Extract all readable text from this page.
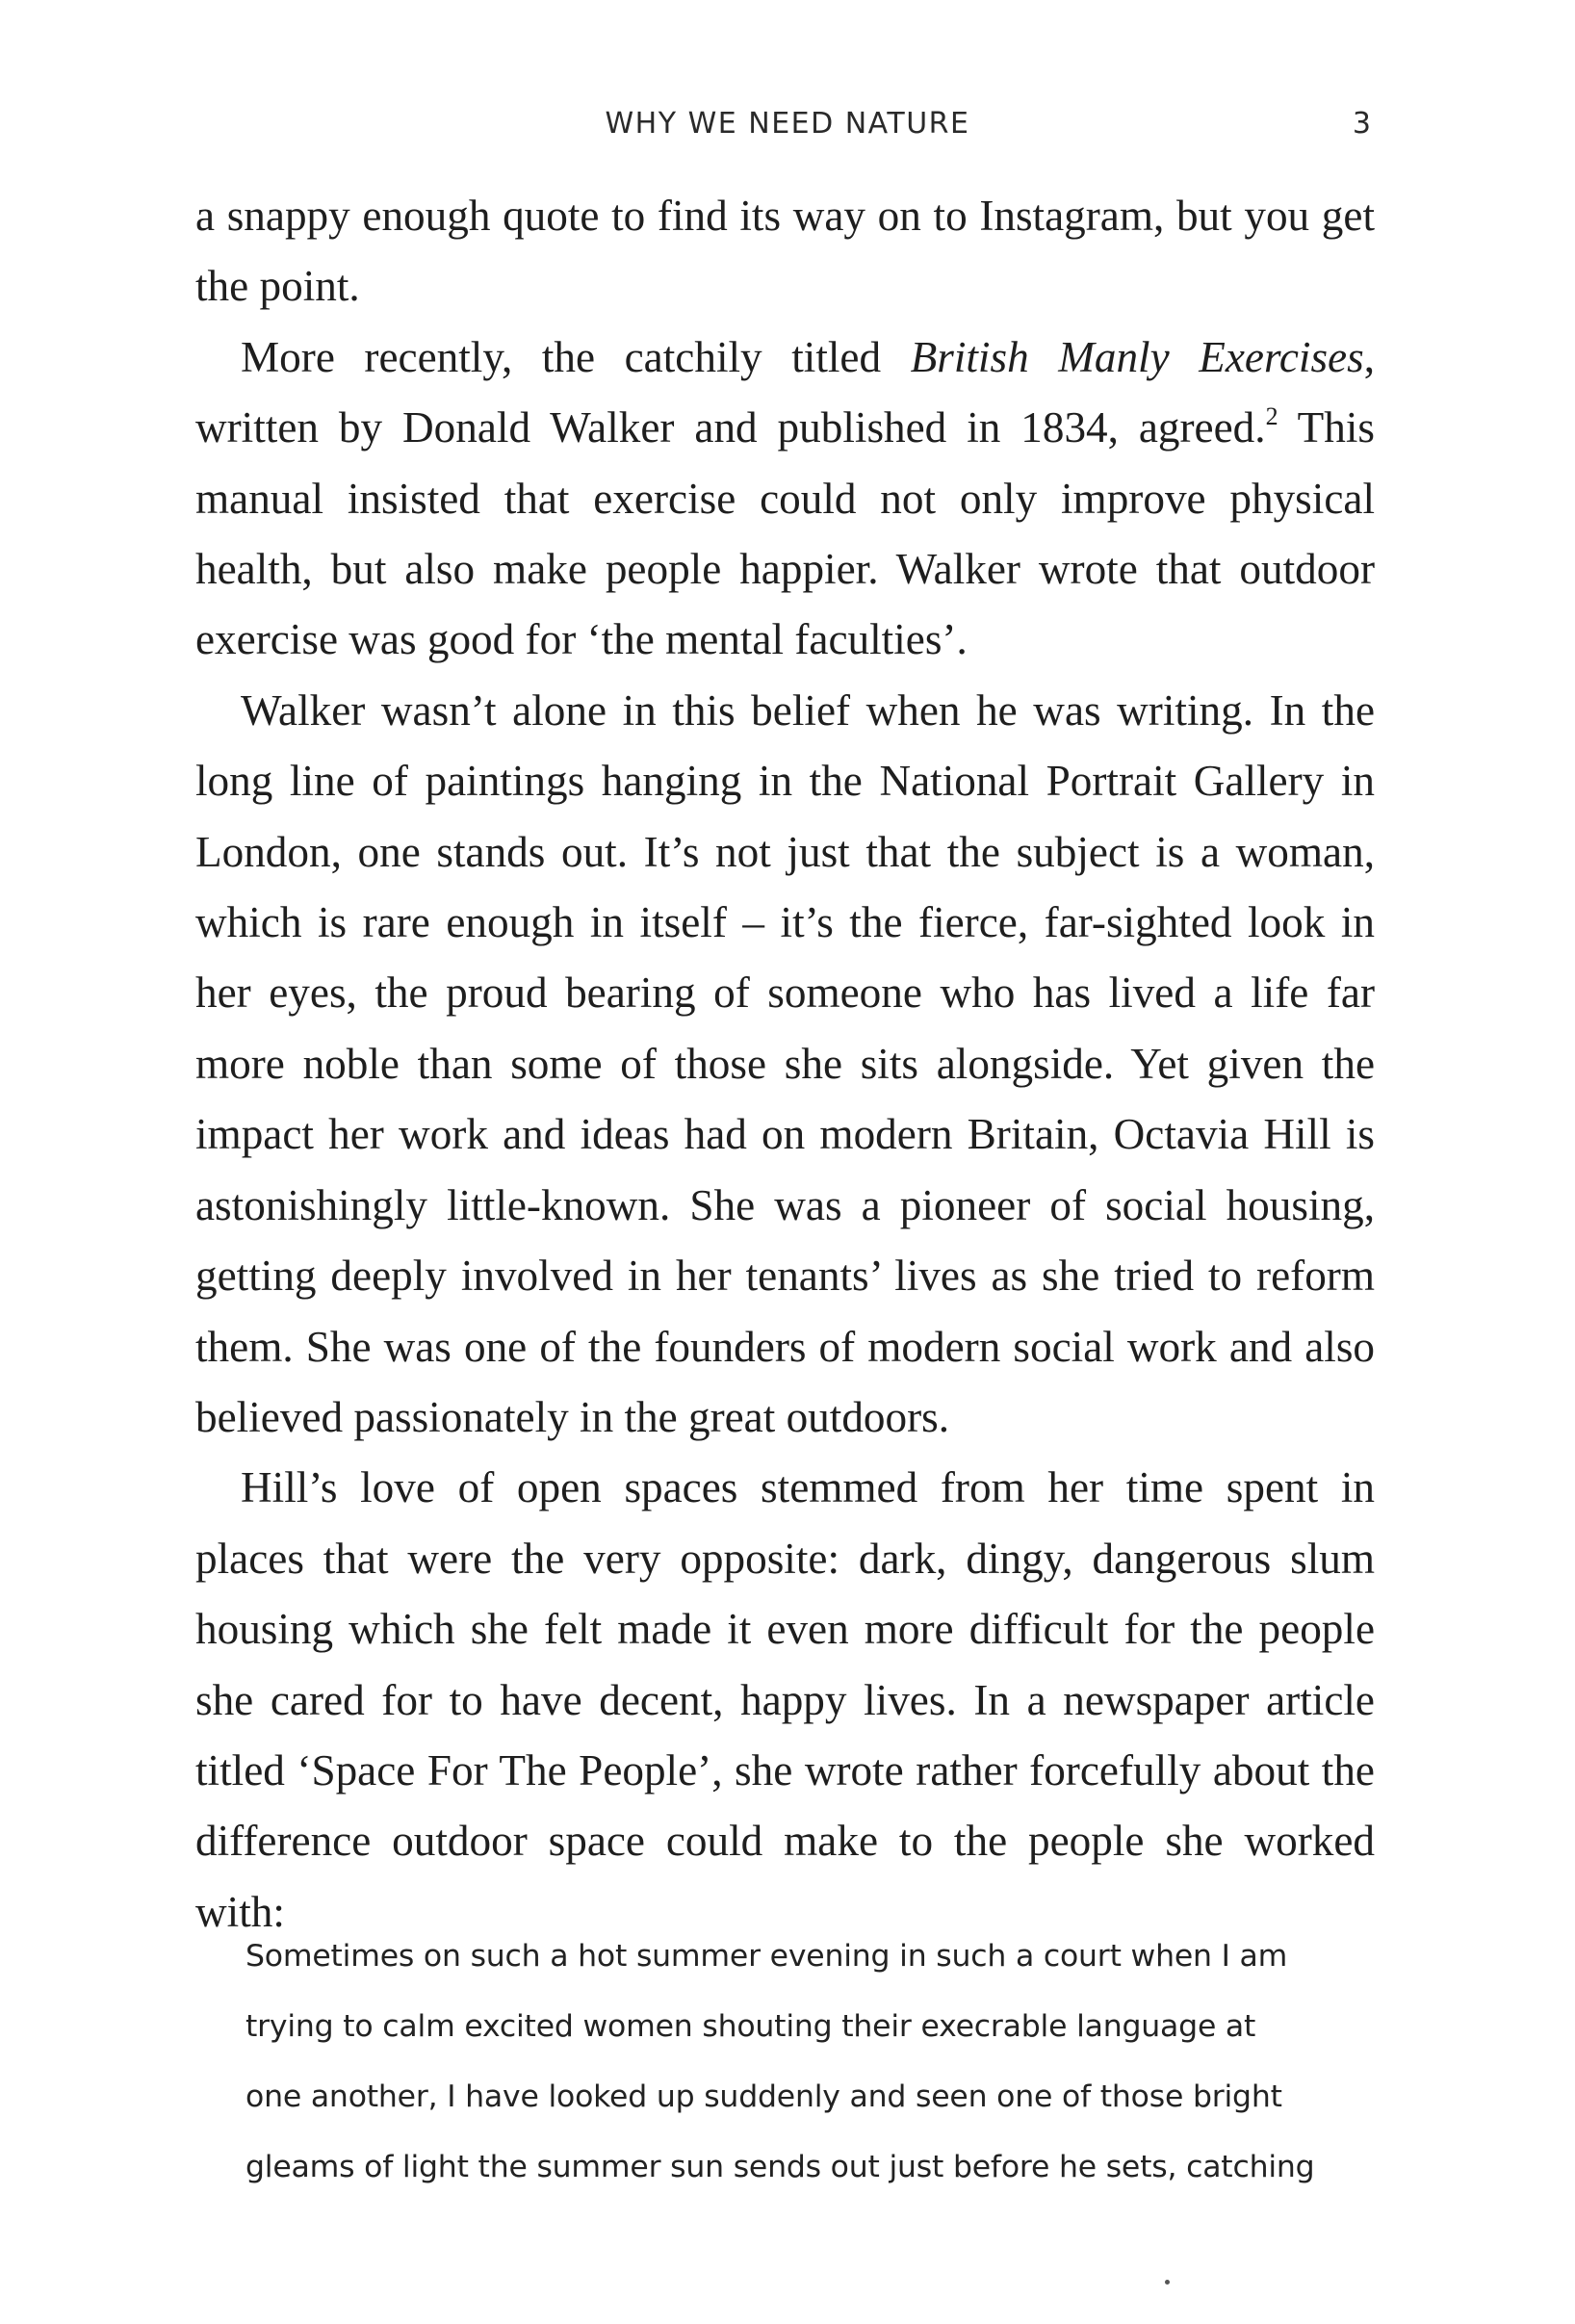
WHY WE NEED NATURE	3

a snappy enough quote to find its way on to Instagram, but you get the point.

More recently, the catchily titled British Manly Exercises, written by Donald Walker and published in 1834, agreed.$^2$ This manual insisted that exercise could not only improve physical health, but also make people happier. Walker wrote that outdoor exercise was good for ‘the mental faculties’.

Walker wasn’t alone in this belief when he was writing. In the long line of paintings hanging in the National Portrait Gallery in London, one stands out. It’s not just that the subject is a woman, which is rare enough in itself – it’s the fierce, far-sighted look in her eyes, the proud bearing of someone who has lived a life far more noble than some of those she sits alongside. Yet given the impact her work and ideas had on modern Britain, Octavia Hill is astonishingly little-known. She was a pioneer of social housing, getting deeply involved in her tenants’ lives as she tried to reform them. She was one of the founders of modern social work and also believed passionately in the great outdoors.

Hill’s love of open spaces stemmed from her time spent in places that were the very opposite: dark, dingy, dangerous slum housing which she felt made it even more difficult for the people she cared for to have decent, happy lives. In a newspaper article titled ‘Space For The People’, she wrote rather forcefully about the difference outdoor space could make to the people she worked with:

Sometimes on such a hot summer evening in such a court when I am

trying to calm excited women shouting their execrable language at

one another, I have looked up suddenly and seen one of those bright

gleams of light the summer sun sends out just before he sets, catching
